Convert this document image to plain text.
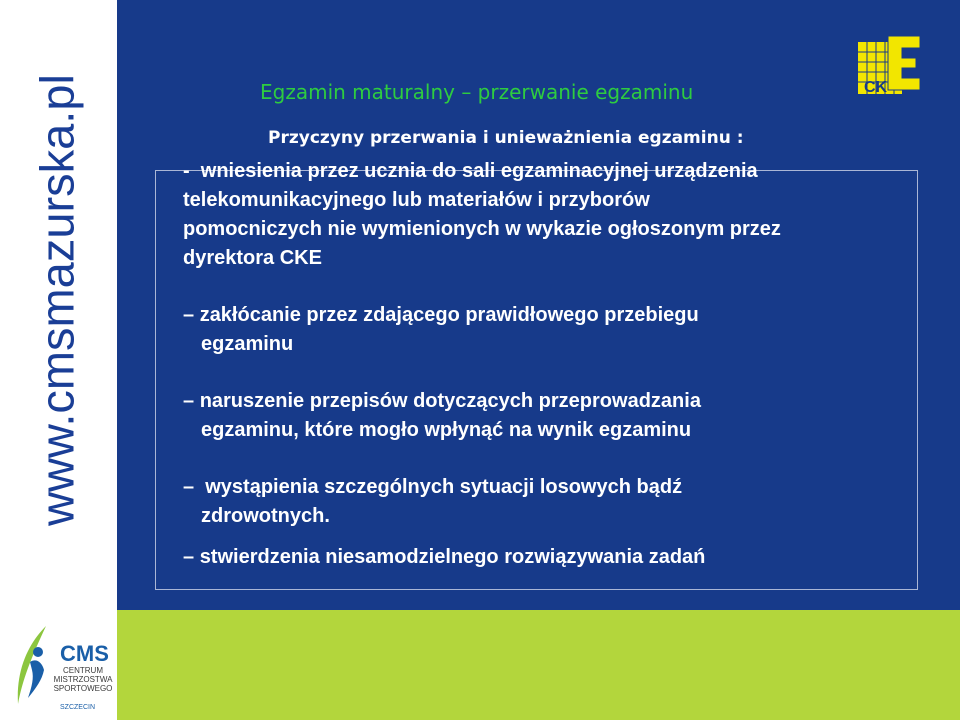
www.cmsmazurska.pl	Egzamin maturalny – przerwanie egzaminu	CK
Przyczyny przerwania i unieważnienia egzaminu :
-  wniesienia przez ucznia do sali egzaminacyjnej urządzenia
telekomunikacyjnego lub materiałów i przyborów
pomocniczych nie wymienionych w wykazie ogłoszonym przez
dyrektora CKE
– zakłócanie przez zdającego prawidłowego przebiegu
egzaminu
– naruszenie przepisów dotyczących przeprowadzania
egzaminu, które mogło wpłynąć na wynik egzaminu
–  wystąpienia szczególnych sytuacji losowych bądź
zdrowotnych.
– stwierdzenia niesamodzielnego rozwiązywania zadań
CMS
CENTRUM
MISTRZOSTWA
SPORTOWEGO
SZCZECIN
